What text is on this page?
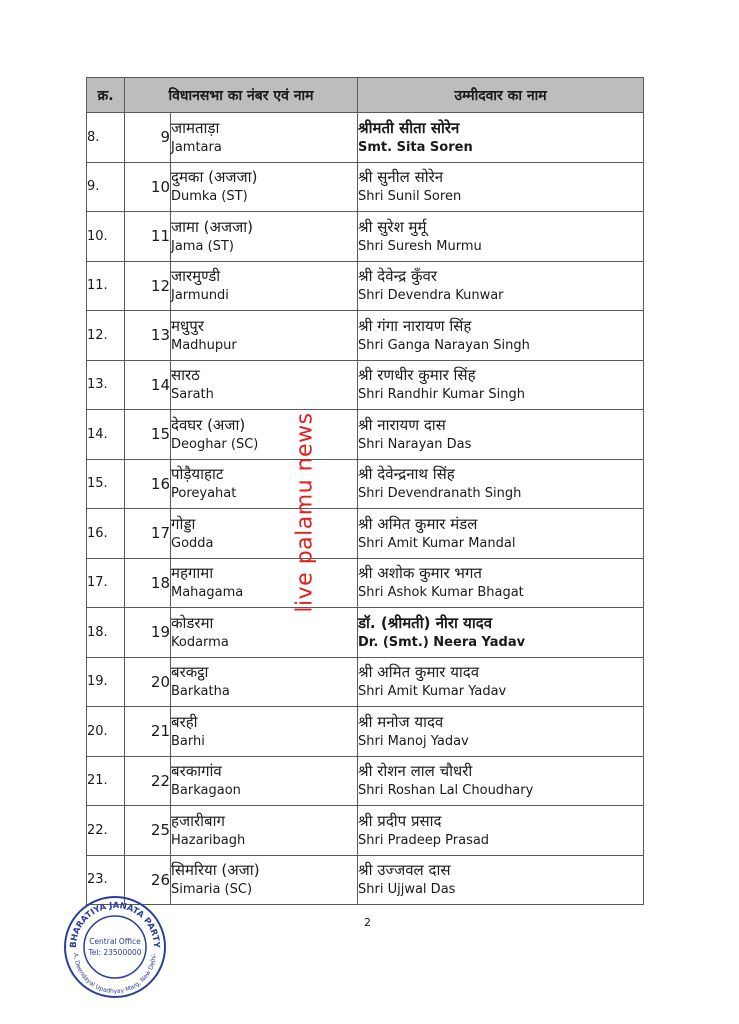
क्र.	विधानसभा का नंबर एवं नाम		उम्मीदवार का नाम
8.	9	जामताड़ा
Jamtara	श्रीमती सीता सोरेन
Smt. Sita Soren

9.	10	दुमका (अजजा)
Dumka (ST)	श्री सुनील सोरेन
Shri Sunil Soren

10.	11	जामा (अजजा)
Jama (ST)	श्री सुरेश मुर्मू
Shri Suresh Murmu

11.	12	जारमुण्डी
Jarmundi	श्री देवेन्द्र कुँवर
Shri Devendra Kunwar

12.	13	मधुपुर
Madhupur	श्री गंगा नारायण सिंह
Shri Ganga Narayan Singh

13.	14	सारठ
Sarath	श्री रणधीर कुमार सिंह
Shri Randhir Kumar Singh

14.	15	देवघर (अजा)
Deoghar (SC)	श्री नारायण दास
Shri Narayan Das

15.	16	पोड़ैयाहाट
Poreyahat	श्री देवेन्द्रनाथ सिंह
Shri Devendranath Singh

16.	17	गोड्डा
Godda	श्री अमित कुमार मंडल
Shri Amit Kumar Mandal

17.	18	महगामा
Mahagama	श्री अशोक कुमार भगत
Shri Ashok Kumar Bhagat

18.	19	कोडरमा
Kodarma	डॉ. (श्रीमती) नीरा यादव
Dr. (Smt.) Neera Yadav

19.	20	बरकट्ठा
Barkatha	श्री अमित कुमार यादव
Shri Amit Kumar Yadav

20.	21	बरही
Barhi	श्री मनोज यादव
Shri Manoj Yadav

21.	22	बरकागांव
Barkagaon	श्री रोशन लाल चौधरी
Shri Roshan Lal Choudhary

22.	25	हजारीबाग
Hazaribagh	श्री प्रदीप प्रसाद
Shri Pradeep Prasad

23.	26	सिमरिया (अजा)
Simaria (SC)	श्री उज्जवल दास
Shri Ujjwal Das
live palamu news
2
BHARATIYA JANATA PARTY
A, Deendayal Upadhyay Marg, New Delhi-
Central Office
Tel: 23500000
